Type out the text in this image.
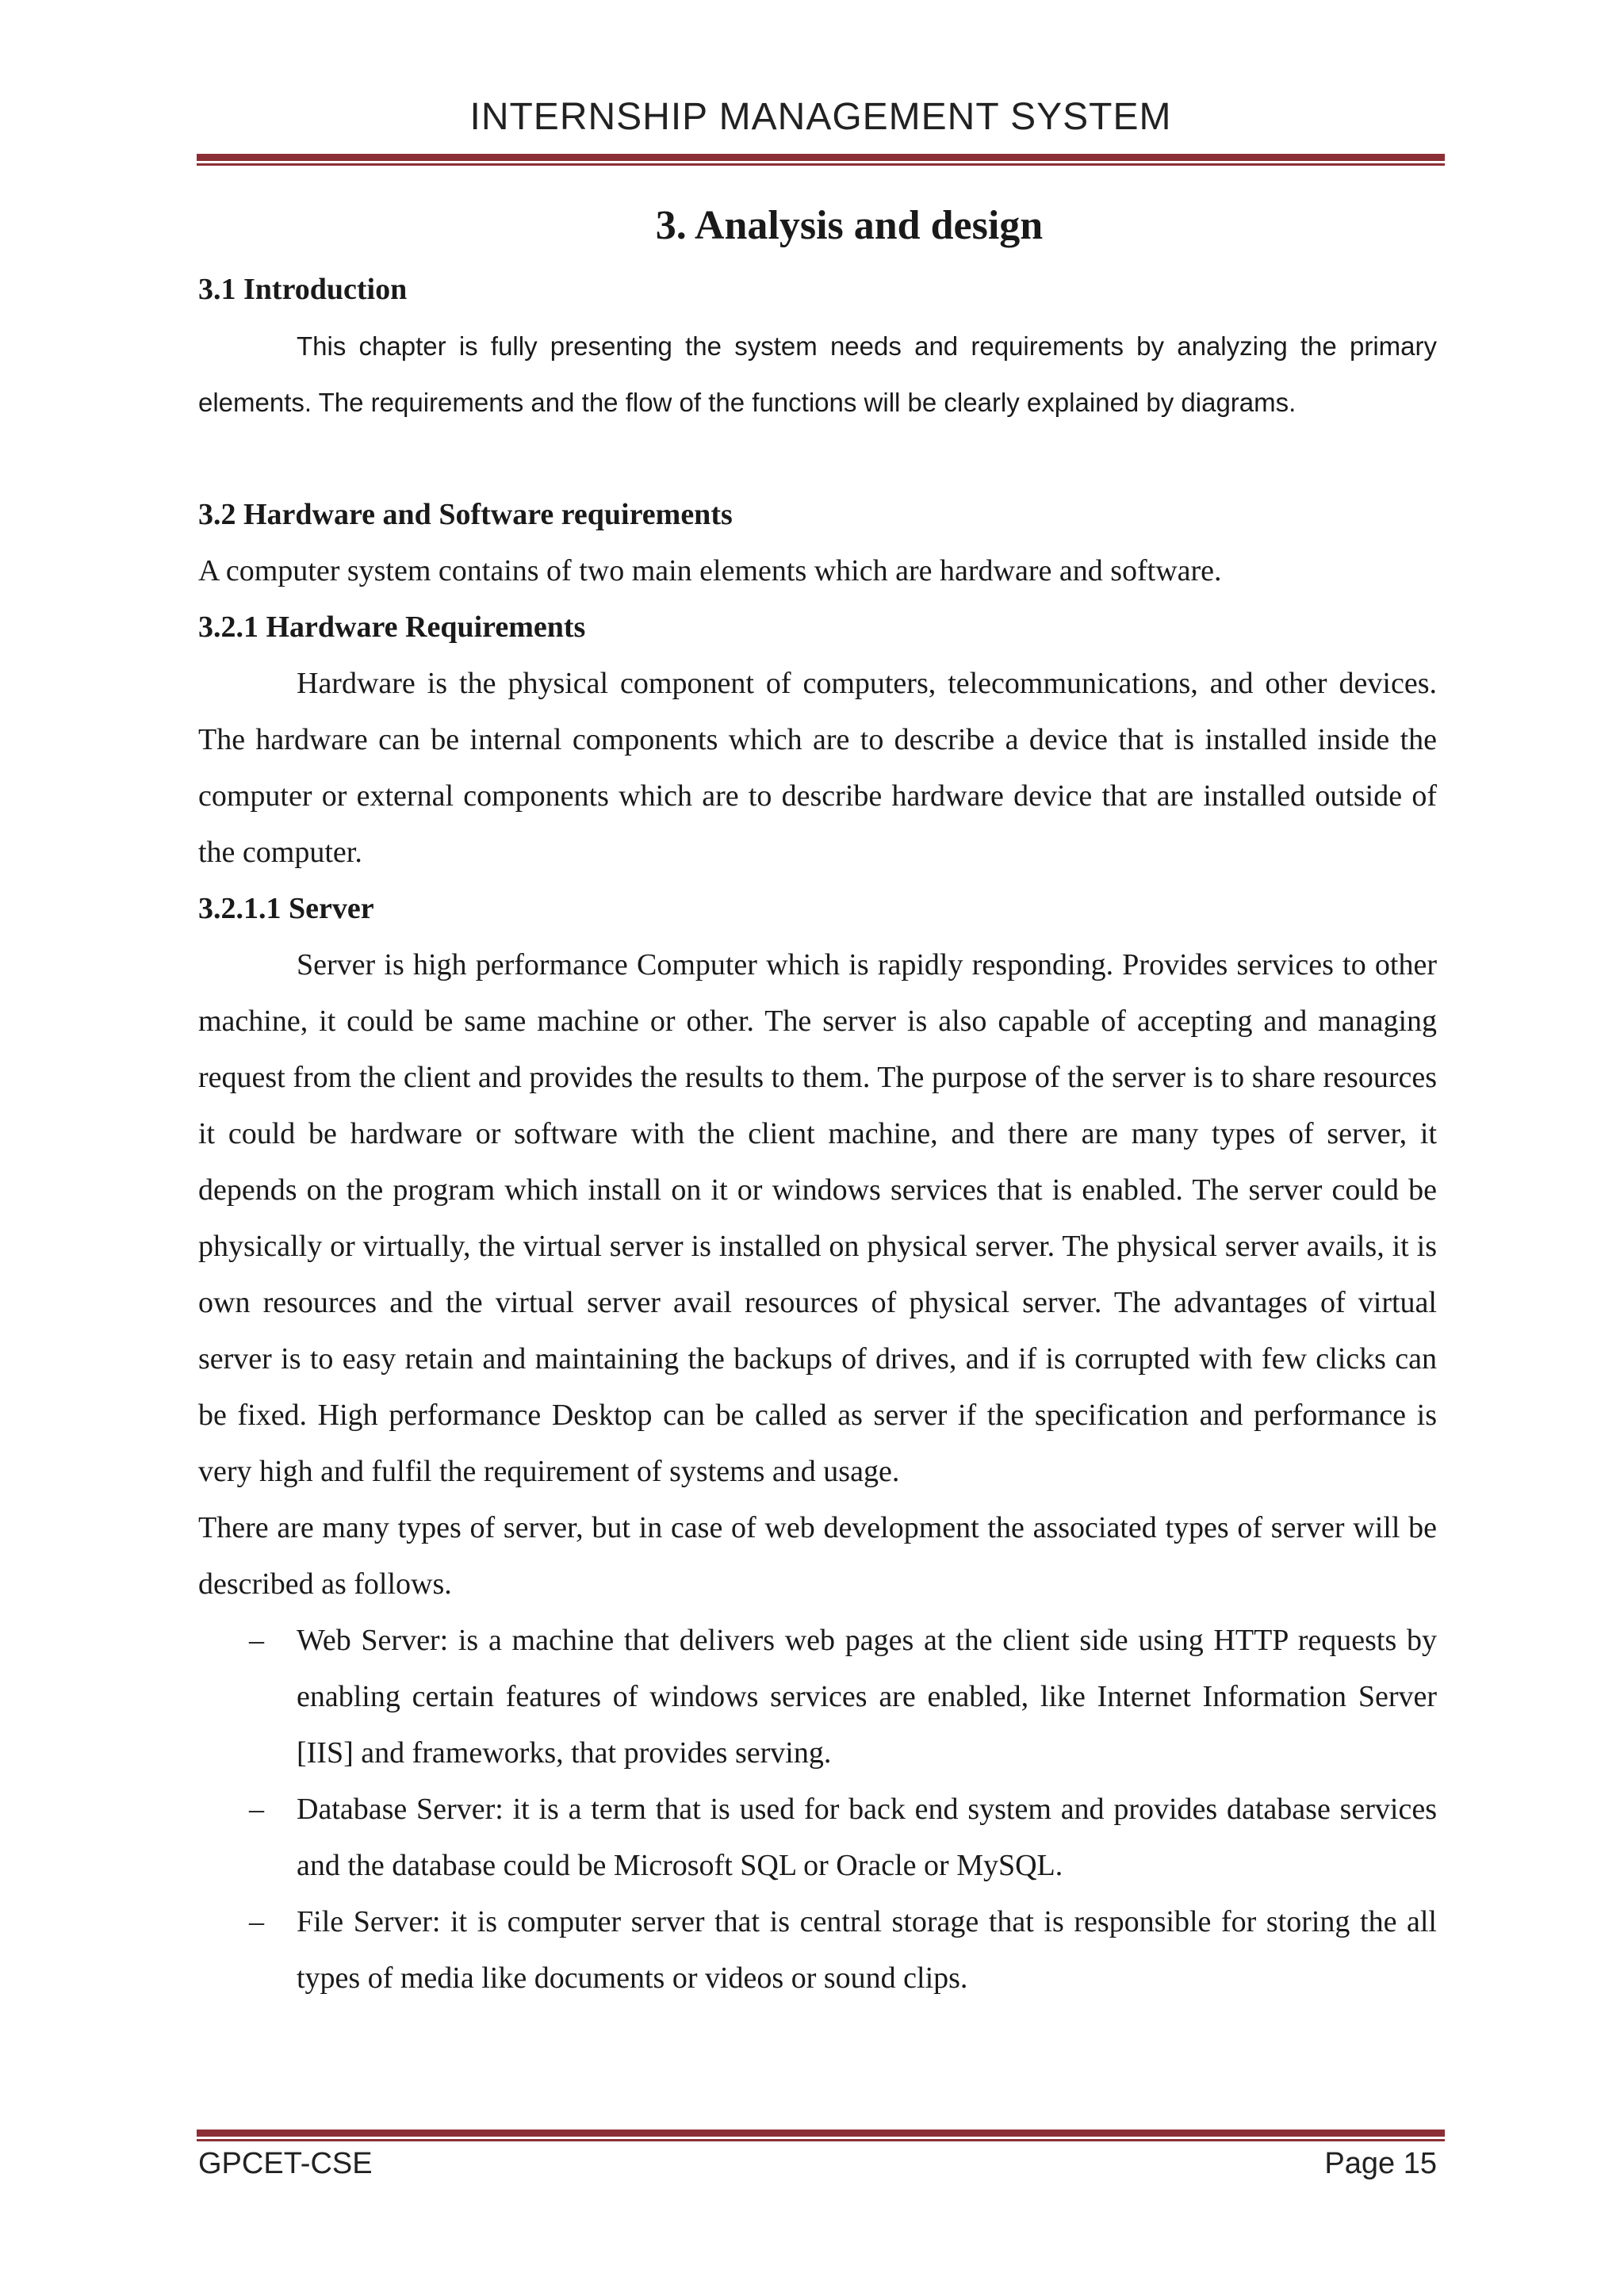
INTERNSHIP MANAGEMENT SYSTEM
3. Analysis and design

3.1 Introduction

This chapter is fully presenting the system needs and requirements by analyzing the primary elements. The requirements and the flow of the functions will be clearly explained by diagrams.

3.2 Hardware and Software requirements

A computer system contains of two main elements which are hardware and software.

3.2.1 Hardware Requirements

Hardware is the physical component of computers, telecommunications, and other devices. The hardware can be internal components which are to describe a device that is installed inside the computer or external components which are to describe hardware device that are installed outside of the computer.

3.2.1.1 Server

Server is high performance Computer which is rapidly responding. Provides services to other machine, it could be same machine or other. The server is also capable of accepting and managing request from the client and provides the results to them. The purpose of the server is to share resources it could be hardware or software with the client machine, and there are many types of server, it depends on the program which install on it or windows services that is enabled. The server could be physically or virtually, the virtual server is installed on physical server. The physical server avails, it is own resources and the virtual server avail resources of physical server. The advantages of virtual server is to easy retain and maintaining the backups of drives, and if is corrupted with few clicks can be fixed. High performance Desktop can be called as server if the specification and performance is very high and fulfil the requirement of systems and usage.

There are many types of server, but in case of web development the associated types of server will be described as follows.

– Web Server: is a machine that delivers web pages at the client side using HTTP requests by enabling certain features of windows services are enabled, like Internet Information Server [IIS] and frameworks, that provides serving.
– Database Server: it is a term that is used for back end system and provides database services and the database could be Microsoft SQL or Oracle or MySQL.
– File Server: it is computer server that is central storage that is responsible for storing the all types of media like documents or videos or sound clips.
GPCET-CSE	Page 15
